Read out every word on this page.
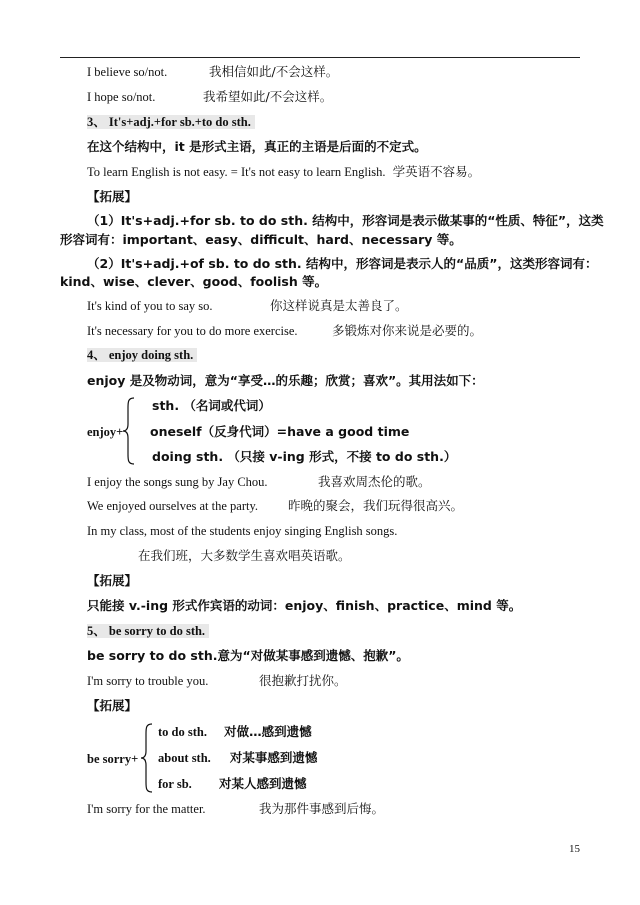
I believe so/not.	我相信如此/不会这样。
I hope so/not.	我希望如此/不会这样。
3、 It's+adj.+for sb.+to do sth.
在这个结构中，it 是形式主语，真正的主语是后面的不定式。
To learn English is not easy. = It's not easy to learn English. 学英语不容易。
【拓展】
（1）It's+adj.+for sb. to do sth. 结构中，形容词是表示做某事的“性质、特征”，这类
形容词有：important、easy、difficult、hard、necessary 等。
（2）It's+adj.+of sb. to do sth. 结构中，形容词是表示人的“品质”，这类形容词有：
kind、wise、clever、good、foolish 等。
It's kind of you to say so.	你这样说真是太善良了。
It's necessary for you to do more exercise.	多锻炼对你来说是必要的。
4、 enjoy doing sth.
enjoy 是及物动词，意为“享受…的乐趣；欣赏；喜欢”。其用法如下：
sth. （名词或代词）
enjoy+ oneself（反身代词）=have a good time
doing sth. （只接 v-ing 形式，不接 to do sth.）
I enjoy the songs sung by Jay Chou.	我喜欢周杰伦的歌。
We enjoyed ourselves at the party. 昨晚的聚会，我们玩得很高兴。
In my class, most of the students enjoy singing English songs.
在我们班，大多数学生喜欢唱英语歌。
【拓展】
只能接 v.-ing 形式作宾语的动词：enjoy、finish、practice、mind 等。
5、 be sorry to do sth.
be sorry to do sth.意为“对做某事感到遗憾、抱歉”。
I'm sorry to trouble you.	很抱歉打扰你。
【拓展】
to do sth. 对做…感到遗憾
be sorry+ about sth. 对某事感到遗憾
for sb. 对某人感到遗憾
I'm sorry for the matter.	我为那件事感到后悔。
15
